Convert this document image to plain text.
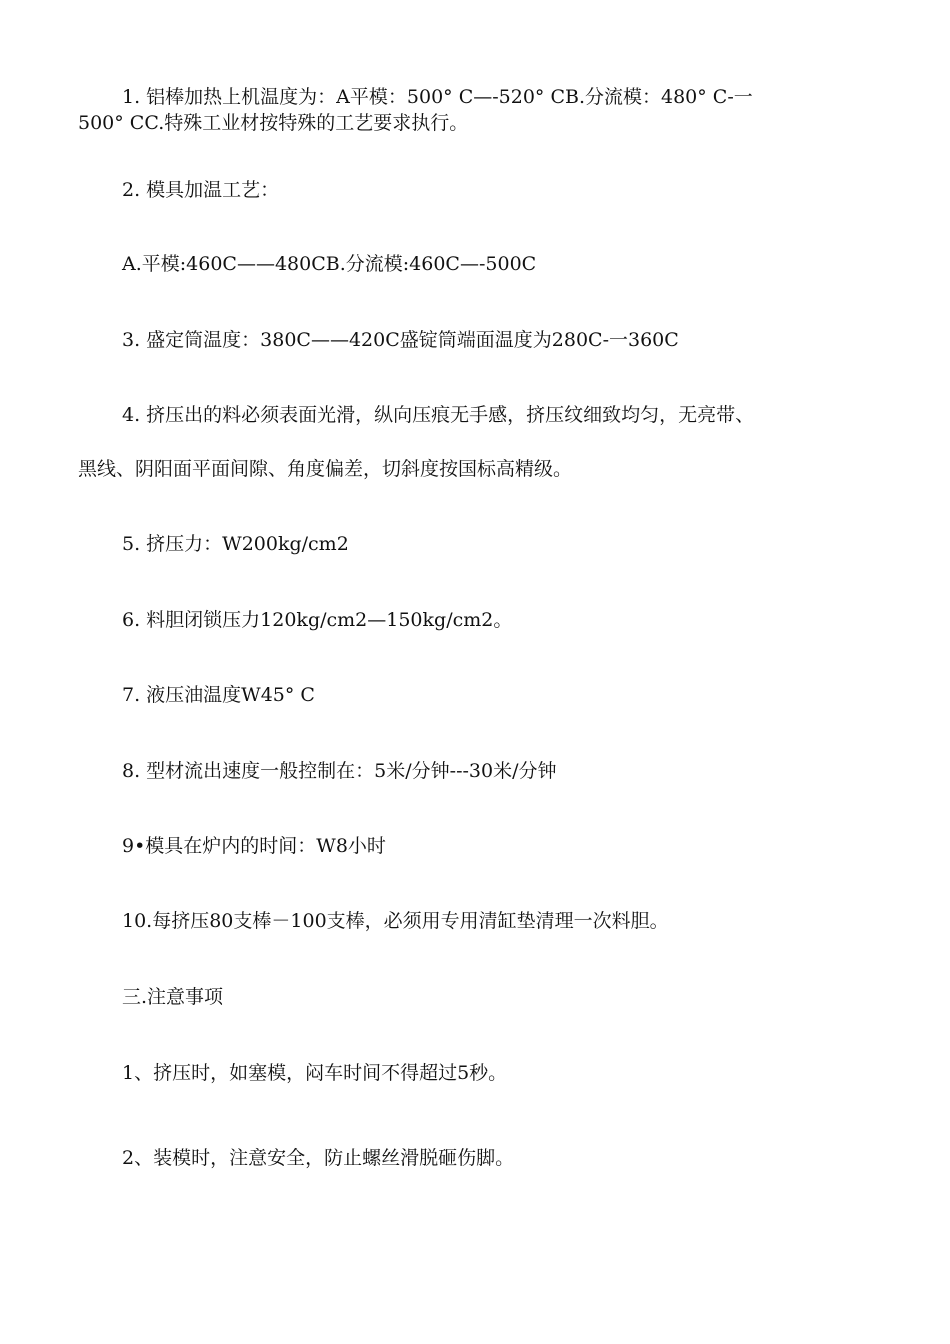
1. 铝棒加热上机温度为：A平模：500° C—-520° CB.分流模：480° C-一

500° CC.特殊工业材按特殊的工艺要求执行。

2. 模具加温工艺：

A.平模:460C——480CB.分流模:460C—-500C

3. 盛定筒温度：380C——420C盛锭筒端面温度为280C-一360C

4. 挤压出的料必须表面光滑，纵向压痕无手感，挤压纹细致均匀，无亮带、

黑线、阴阳面平面间隙、角度偏差，切斜度按国标高精级。

5. 挤压力：W200kg/cm2

6. 料胆闭锁压力120kg/cm2—150kg/cm2。

7. 液压油温度W45° C

8. 型材流出速度一般控制在：5米/分钟---30米/分钟

9•模具在炉内的时间：W8小时

10.每挤压80支棒－100支棒，必须用专用清缸垫清理一次料胆。

三.注意事项

1、挤压时，如塞模，闷车时间不得超过5秒。

2、装模时，注意安全，防止螺丝滑脱砸伤脚。
